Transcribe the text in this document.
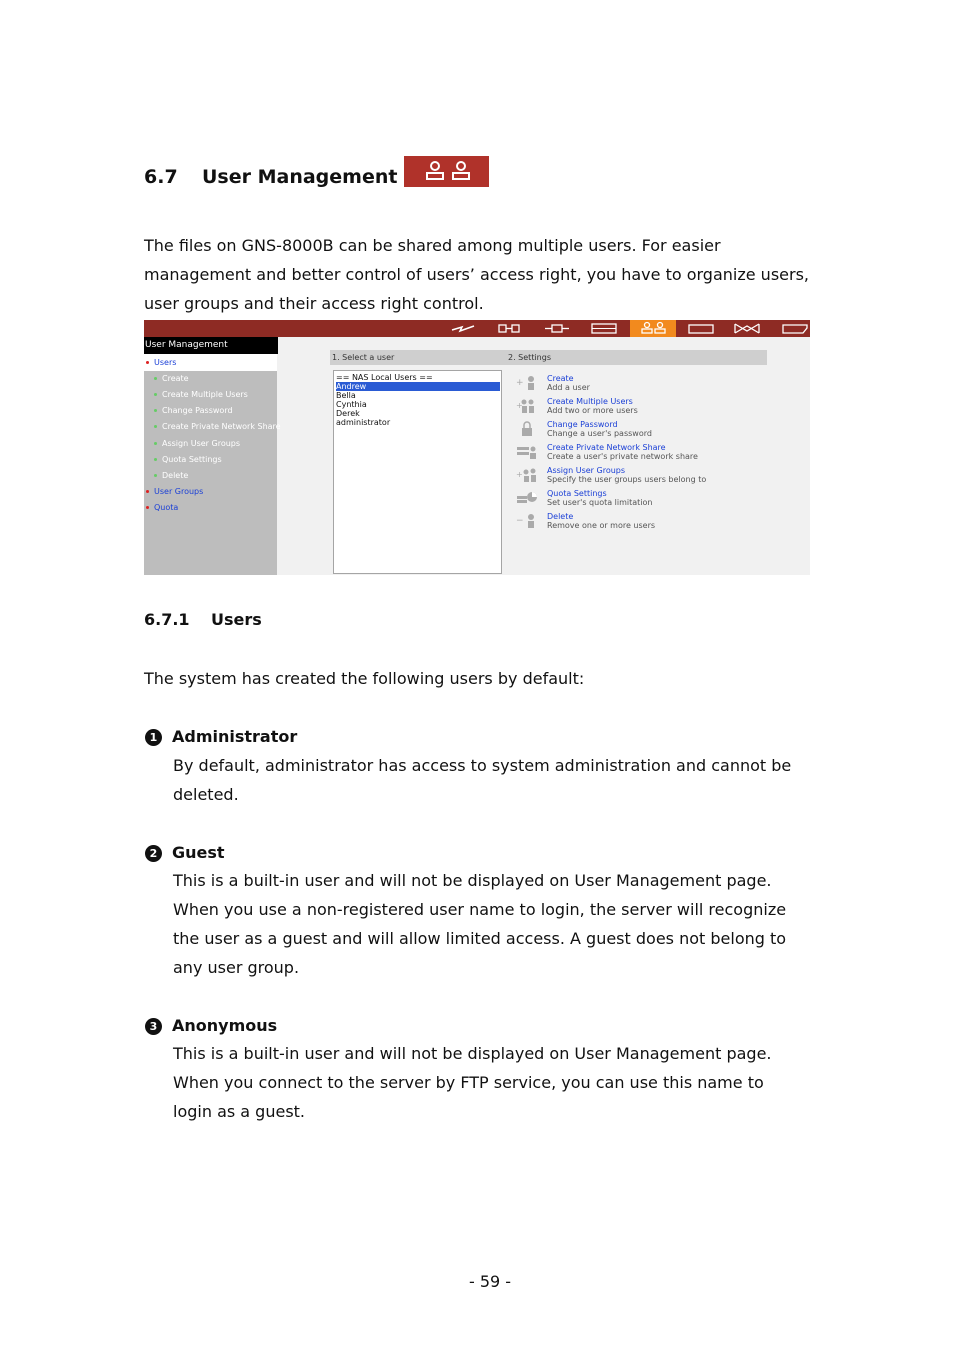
6.7 User Management
The files on GNS-8000B can be shared among multiple users. For easier
management and better control of users’ access right, you have to organize users,
user groups and their access right control.
User Management
Users
Create
Create Multiple Users
Change Password
Create Private Network Share
Assign User Groups
Quota Settings
Delete
User Groups
Quota
1. Select a user	2. Settings
== NAS Local Users ==
Andrew
Bella
Cynthia
Derek
administrator
+	Create
Add a user
+	Create Multiple Users
Add two or more users
Change Password
Change a user's password
Create Private Network Share
Create a user's private network share
+	Assign User Groups
Specify the user groups users belong to
Quota Settings
Set user's quota limitation
−	Delete
Remove one or more users
6.7.1 Users
The system has created the following users by default:
1 Administrator
By default, administrator has access to system administration and cannot be
deleted.
2 Guest
This is a built-in user and will not be displayed on User Management page.
When you use a non-registered user name to login, the server will recognize
the user as a guest and will allow limited access. A guest does not belong to
any user group.
3 Anonymous
This is a built-in user and will not be displayed on User Management page.
When you connect to the server by FTP service, you can use this name to
login as a guest.
- 59 -
